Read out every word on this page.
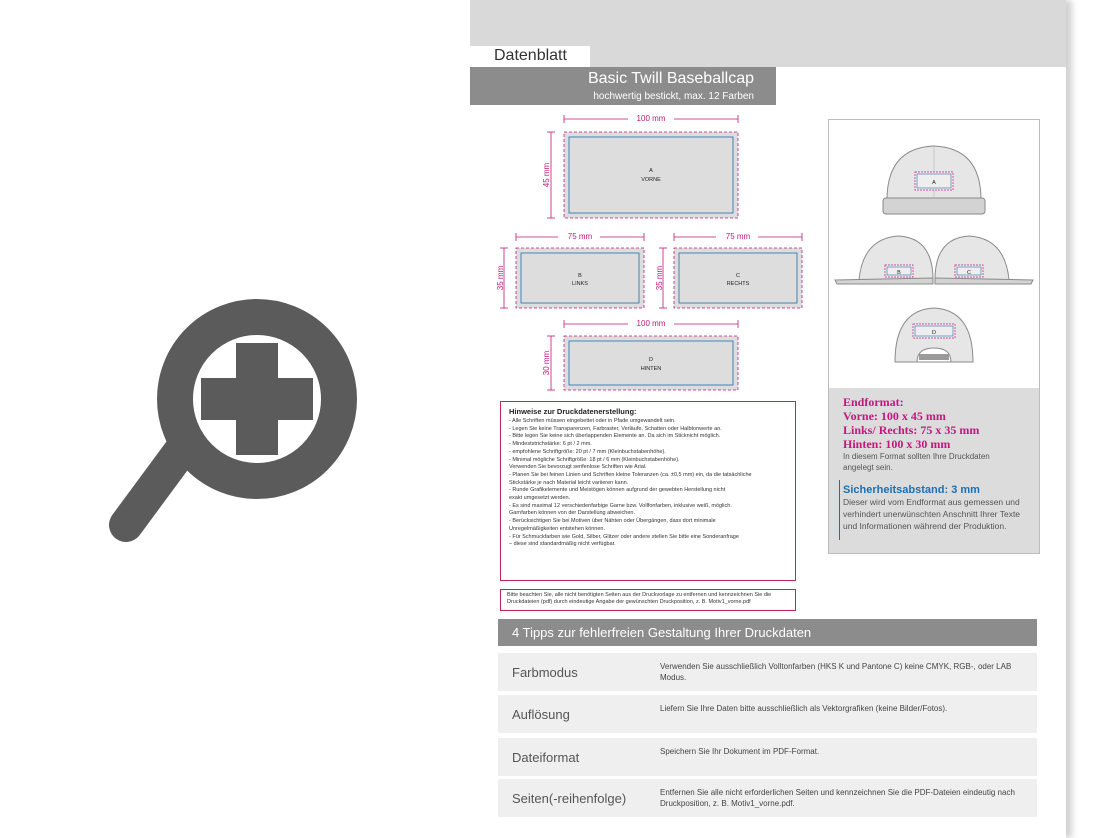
Datenblatt
Basic Twill Baseballcap
hochwertig bestickt, max. 12 Farben
100 mm
45 mm	A
VORNE
75 mm
35 mm	B
LINKS
75 mm
35 mm	C
RECHTS
100 mm
30 mm	D
HINTEN
A
B	C
D

Endformat:

Vorne: 100 x 45 mm

Links/ Rechts: 75 x 35 mm

Hinten: 100 x 30 mm

In diesem Format sollten Ihre Druckdaten angelegt sein.
Sicherheitsabstand: 3 mm
Dieser wird vom Endformat aus gemessen und verhindert unerwünschten Anschnitt Ihrer Texte und Informationen während der Produktion.
Hinweise zur Druckdatenerstellung:
- Alle Schriften müssen eingebettet oder in Pfade umgewandelt sein.
- Legen Sie keine Transparenzen, Farbraster, Verläufe, Schatten oder Halbtonwerte an.
- Bitte legen Sie keine sich überlappenden Elemente an. Da sich im Sticknicht möglich.
- Mindeststrichstärke: 6 pt / 2 mm.
- empfohlene Schriftgröße: 20 pt / 7 mm (Kleinbuchstabenhöhe).
- Minimal mögliche Schriftgröße: 18 pt / 6 mm (Kleinbuchstabenhöhe).
Verwenden Sie bevorzugt serifenlose Schriften wie Arial.
- Planen Sie bei feinen Linien und Schriften kleine Toleranzen (ca. ±0,5 mm) ein, da die tatsächliche
Stickstärke je nach Material leicht variieren kann.
- Runde Grafikelemente und Meistögen können aufgrund der gewebten Herstellung nicht
exakt umgesetzt werden.
- Es sind maximal 12 verschiedenfarbige Garne bzw. Vollfonfarben, inklusive weiß, möglich.
Garnfarben können von der Darstellung abweichen.
- Berücksichtigen Sie bei Motiven über Nähten oder Übergängen, dass dort minimale
Unregelmäßigkeiten entstehen können.
- Für Schmuckfarben wie Gold, Silber, Glitzer oder andere stellen Sie bitte eine Sonderanfrage
– diese sind standardmäßig nicht verfügbar.
Bitte beachten Sie, alle nicht benötigten Seiten aus der Druckvorlage zu entfernen und kennzeichnen Sie die Druckdateien (pdf) durch eindeutige Angabe der gewünschten Druckposition, z. B. Motiv1_vorne.pdf
4 Tipps zur fehlerfreien Gestaltung Ihrer Druckdaten
Farbmodus	Verwenden Sie ausschließlich Volltonfarben (HKS K und Pantone C) keine CMYK, RGB-, oder LAB Modus.
Auflösung	Liefern Sie Ihre Daten bitte ausschließlich als Vektorgrafiken (keine Bilder/Fotos).
Dateiformat	Speichern Sie Ihr Dokument im PDF-Format.
Seiten(-reihenfolge)	Entfernen Sie alle nicht erforderlichen Seiten und kennzeichnen Sie die PDF-Dateien eindeutig nach Druckposition, z. B. Motiv1_vorne.pdf.
